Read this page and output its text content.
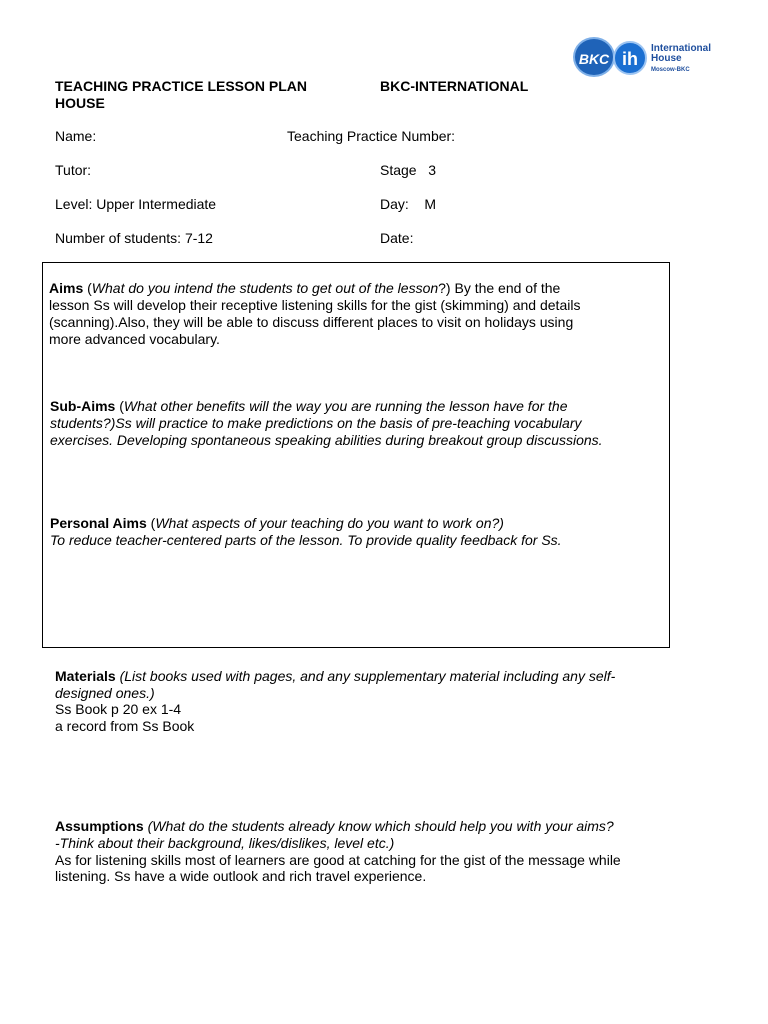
BKC ih
International
House
Moscow-BKC
TEACHING PRACTICE LESSON PLAN	BKC-INTERNATIONAL
HOUSE
Name:	Teaching Practice Number:
Tutor:	Stage 3
Level: Upper Intermediate	Day: M
Number of students: 7-12	Date:
Aims (What do you intend the students to get out of the lesson?) By the end of the
lesson Ss will develop their receptive listening skills for the gist (skimming) and details
(scanning).Also, they will be able to discuss different places to visit on holidays using
more advanced vocabulary.
Sub-Aims (What other benefits will the way you are running the lesson have for the
students?)Ss will practice to make predictions on the basis of pre-teaching vocabulary
exercises. Developing spontaneous speaking abilities during breakout group discussions.
Personal Aims (What aspects of your teaching do you want to work on?)
To reduce teacher-centered parts of the lesson. To provide quality feedback for Ss.
Materials (List books used with pages, and any supplementary material including any self-
designed ones.)
Ss Book p 20 ex 1-4
a record from Ss Book
Assumptions (What do the students already know which should help you with your aims?
-Think about their background, likes/dislikes, level etc.)
As for listening skills most of learners are good at catching for the gist of the message while
listening. Ss have a wide outlook and rich travel experience.
